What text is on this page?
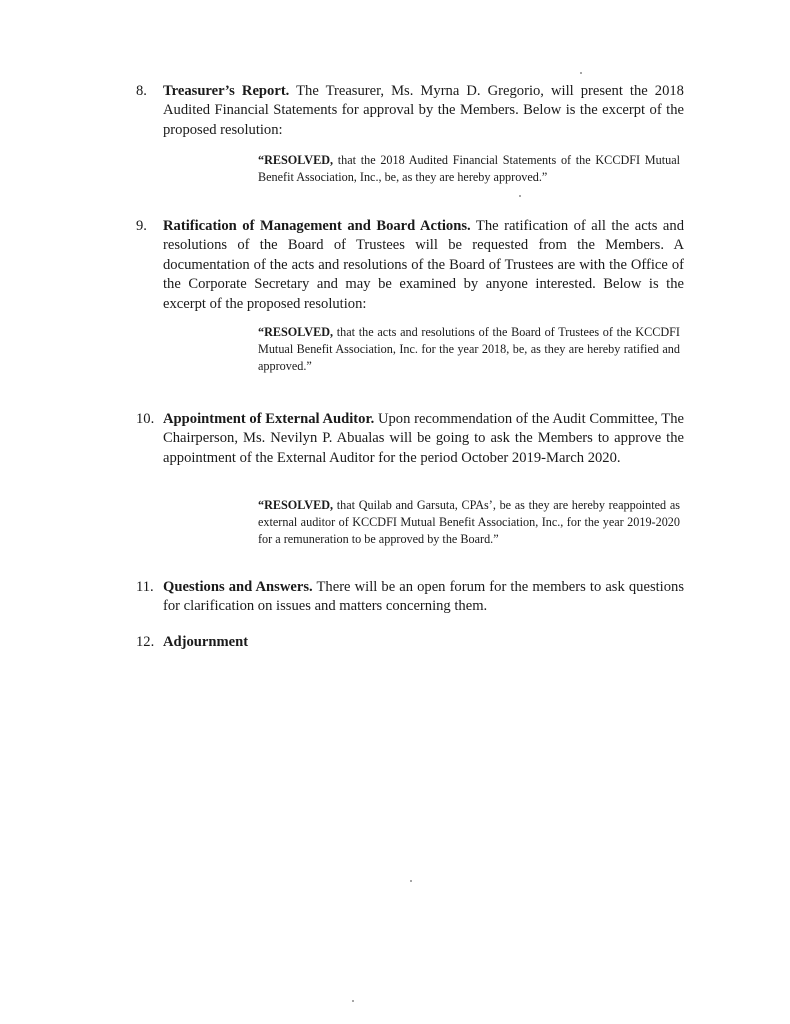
8. Treasurer’s Report. The Treasurer, Ms. Myrna D. Gregorio, will present the 2018 Audited Financial Statements for approval by the Members. Below is the excerpt of the proposed resolution:
“RESOLVED, that the 2018 Audited Financial Statements of the KCCDFI Mutual Benefit Association, Inc., be, as they are hereby approved.”
9. Ratification of Management and Board Actions. The ratification of all the acts and resolutions of the Board of Trustees will be requested from the Members. A documentation of the acts and resolutions of the Board of Trustees are with the Office of the Corporate Secretary and may be examined by anyone interested. Below is the excerpt of the proposed resolution:
“RESOLVED, that the acts and resolutions of the Board of Trustees of the KCCDFI Mutual Benefit Association, Inc. for the year 2018, be, as they are hereby ratified and approved.”
10. Appointment of External Auditor. Upon recommendation of the Audit Committee, The Chairperson, Ms. Nevilyn P. Abualas will be going to ask the Members to approve the appointment of the External Auditor for the period October 2019-March 2020.
“RESOLVED, that Quilab and Garsuta, CPAs’, be as they are hereby reappointed as external auditor of KCCDFI Mutual Benefit Association, Inc., for the year 2019-2020 for a remuneration to be approved by the Board.”
11. Questions and Answers. There will be an open forum for the members to ask questions for clarification on issues and matters concerning them.
12. Adjournment
